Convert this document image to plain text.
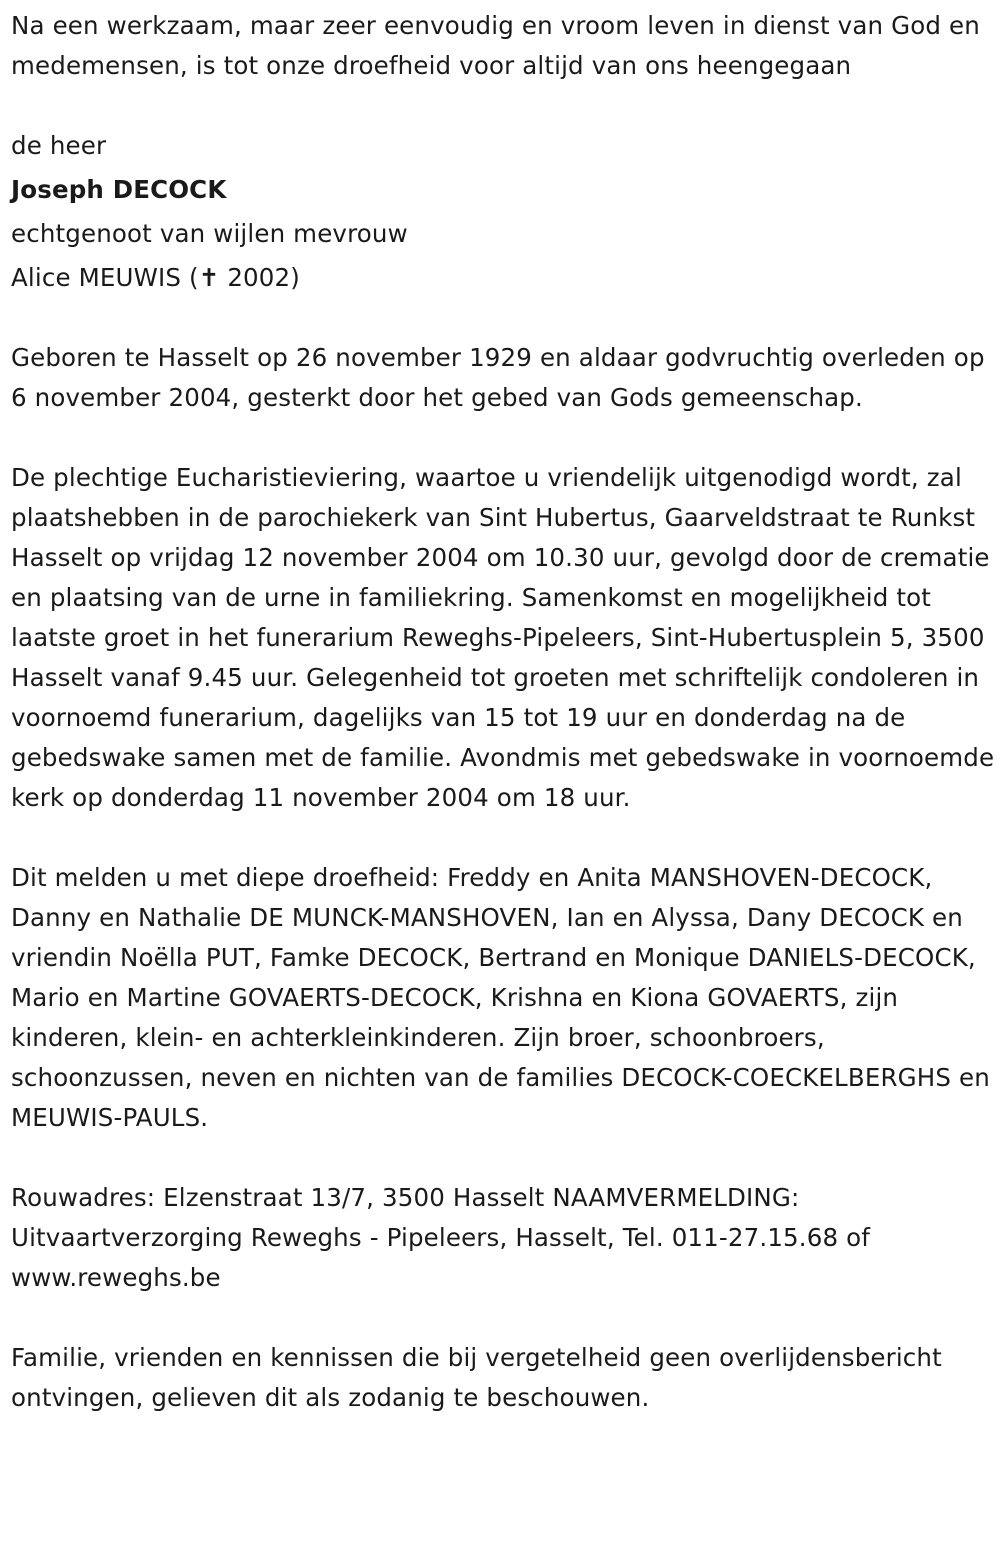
Na een werkzaam, maar zeer eenvoudig en vroom leven in dienst van God en medemensen, is tot onze droefheid voor altijd van ons heengegaan

de heer

Joseph DECOCK

echtgenoot van wijlen mevrouw

Alice MEUWIS (✝ 2002)

Geboren te Hasselt op 26 november 1929 en aldaar godvruchtig overleden op 6 november 2004, gesterkt door het gebed van Gods gemeenschap.

De plechtige Eucharistieviering, waartoe u vriendelijk uitgenodigd wordt, zal plaatshebben in de parochiekerk van Sint Hubertus, Gaarveldstraat te Runkst Hasselt op vrijdag 12 november 2004 om 10.30 uur, gevolgd door de crematie en plaatsing van de urne in familiekring. Samenkomst en mogelijkheid tot laatste groet in het funerarium Reweghs-Pipeleers, Sint-Hubertusplein 5, 3500 Hasselt vanaf 9.45 uur. Gelegenheid tot groeten met schriftelijk condoleren in voornoemd funerarium, dagelijks van 15 tot 19 uur en donderdag na de gebedswake samen met de familie. Avondmis met gebedswake in voornoemde kerk op donderdag 11 november 2004 om 18 uur.

Dit melden u met diepe droefheid: Freddy en Anita MANSHOVEN-DECOCK, Danny en Nathalie DE MUNCK-MANSHOVEN, Ian en Alyssa, Dany DECOCK en vriendin Noëlla PUT, Famke DECOCK, Bertrand en Monique DANIELS-DECOCK, Mario en Martine GOVAERTS-DECOCK, Krishna en Kiona GOVAERTS, zijn kinderen, klein- en achterkleinkinderen. Zijn broer, schoonbroers, schoonzussen, neven en nichten van de families DECOCK-COECKELBERGHS en MEUWIS-PAULS.

Rouwadres: Elzenstraat 13/7, 3500 Hasselt NAAMVERMELDING: Uitvaartverzorging Reweghs - Pipeleers, Hasselt, Tel. 011-27.15.68 of www.reweghs.be

Familie, vrienden en kennissen die bij vergetelheid geen overlijdensbericht ontvingen, gelieven dit als zodanig te beschouwen.
